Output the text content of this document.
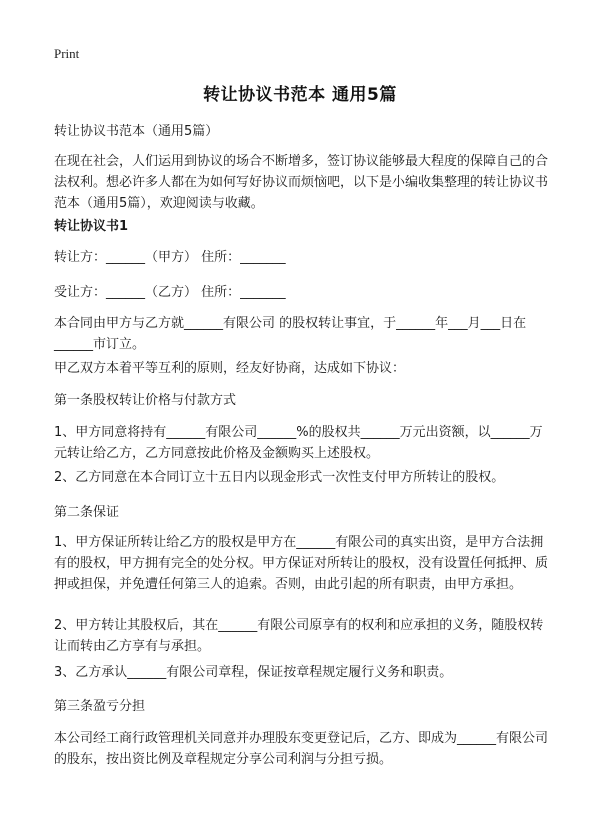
Print
转让协议书范本 通用5篇
转让协议书范本（通用5篇）
在现在社会，人们运用到协议的场合不断增多，签订协议能够最大程度的保障自己的合法权利。想必许多人都在为如何写好协议而烦恼吧，以下是小编收集整理的转让协议书范本（通用5篇），欢迎阅读与收藏。
转让协议书1
转让方：______（甲方） 住所：_______
受让方：______（乙方） 住所：_______
本合同由甲方与乙方就______有限公司 的股权转让事宜，于______年___月___日在______市订立。
甲乙双方本着平等互利的原则，经友好协商，达成如下协议：
第一条股权转让价格与付款方式
1、甲方同意将持有______有限公司______%的股权共______万元出资额，以______万元转让给乙方，乙方同意按此价格及金额购买上述股权。
2、乙方同意在本合同订立十五日内以现金形式一次性支付甲方所转让的股权。
第二条保证
1、甲方保证所转让给乙方的股权是甲方在______有限公司的真实出资，是甲方合法拥有的股权，甲方拥有完全的处分权。甲方保证对所转让的股权，没有设置任何抵押、质押或担保，并免遭任何第三人的追索。否则，由此引起的所有职责，由甲方承担。
2、甲方转让其股权后，其在______有限公司原享有的权利和应承担的义务，随股权转让而转由乙方享有与承担。
3、乙方承认______有限公司章程，保证按章程规定履行义务和职责。
第三条盈亏分担
本公司经工商行政管理机关同意并办理股东变更登记后，乙方、即成为______有限公司的股东，按出资比例及章程规定分享公司利润与分担亏损。
